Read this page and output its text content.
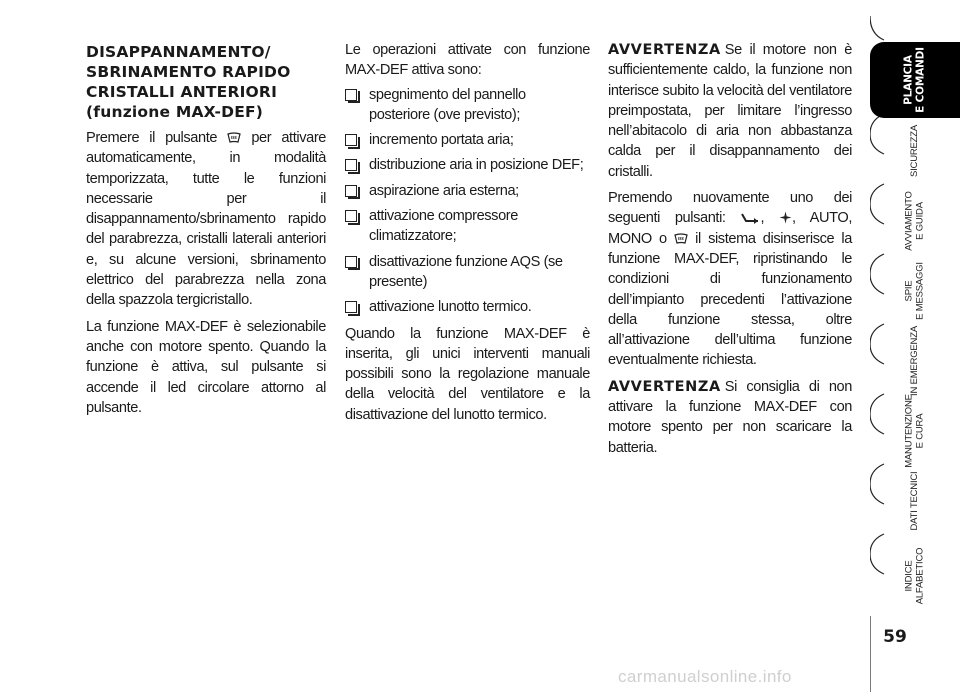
DISAPPANNAMENTO/
SBRINAMENTO RAPIDO
CRISTALLI ANTERIORI
(funzione MAX-DEF)

Premere il pulsante  per attivare automaticamente, in modalità temporizzata, tutte le funzioni necessarie per il disappannamento/sbrinamento rapido del parabrezza, cristalli laterali anteriori e, su alcune versioni, sbrinamento elettrico del parabrezza nella zona della spazzola tergicristallo.

La funzione MAX-DEF è selezionabile anche con motore spento. Quando la funzione è attiva, sul pulsante si accende il led circolare attorno al pulsante.

Le operazioni attivate con funzione MAX-DEF attiva sono:

spegnimento del pannello posteriore (ove previsto);
incremento portata aria;
distribuzione aria in posizione DEF;
aspirazione aria esterna;
attivazione compressore climatizzatore;
disattivazione funzione AQS (se presente)
attivazione lunotto termico.

Quando la funzione MAX-DEF è inserita, gli unici interventi manuali possibili sono la regolazione manuale della velocità del ventilatore e la disattivazione del lunotto termico.

AVVERTENZA Se il motore non è sufficientemente caldo, la funzione non interisce subito la velocità del ventilatore preimpostata, per limitare l’ingresso nell’abitacolo di aria non abbastanza calda per il disappannamento dei cristalli.

Premendo nuovamente uno dei seguenti pulsanti: , , AUTO, MONO o  il sistema disinserisce la funzione MAX-DEF, ripristinando le condizioni di funzionamento dell’impianto precedenti l’attivazione della funzione stessa, oltre all’attivazione dell’ultima funzione eventualmente richiesta.

AVVERTENZA Si consiglia di non attivare la funzione MAX-DEF con motore spento per non scaricare la batteria.

PLANCIA E COMANDI
SICUREZZA
AVVIAMENTO E GUIDA
SPIE E MESSAGGI
IN EMERGENZA
MANUTENZIONE E CURA
DATI TECNICI
INDICE ALFABETICO
59
carmanualsonline.info
